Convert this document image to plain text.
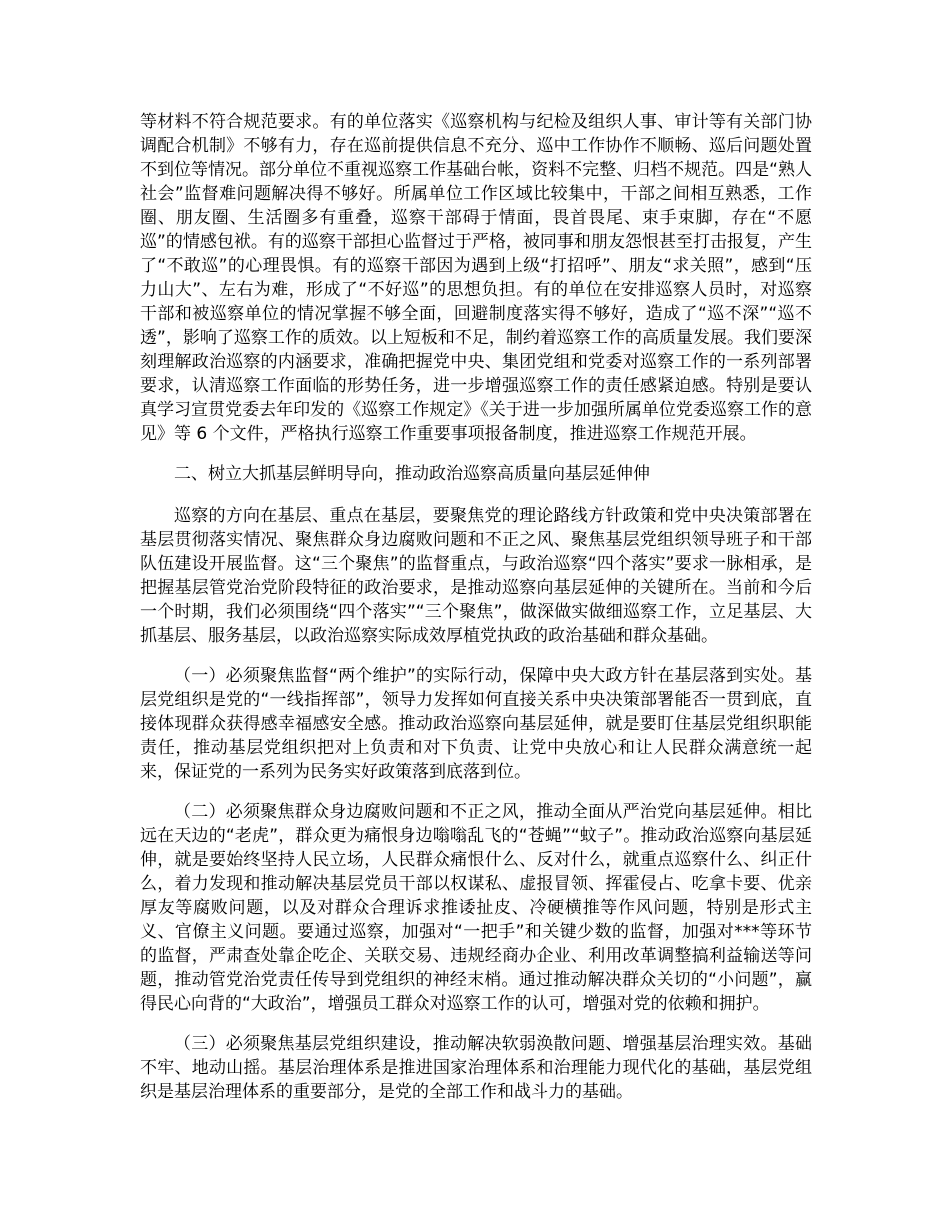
等材料不符合规范要求。有的单位落实《巡察机构与纪检及组织人事、审计等有关部门协调配合机制》不够有力，存在巡前提供信息不充分、巡中工作协作不顺畅、巡后问题处置不到位等情况。部分单位不重视巡察工作基础台帐，资料不完整、归档不规范。四是“熟人社会”监督难问题解决得不够好。所属单位工作区域比较集中，干部之间相互熟悉，工作圈、朋友圈、生活圈多有重叠，巡察干部碍于情面，畏首畏尾、束手束脚，存在“不愿巡”的情感包袱。有的巡察干部担心监督过于严格，被同事和朋友怨恨甚至打击报复，产生了“不敢巡”的心理畏惧。有的巡察干部因为遇到上级“打招呼”、朋友“求关照”，感到“压力山大”、左右为难，形成了“不好巡”的思想负担。有的单位在安排巡察人员时，对巡察干部和被巡察单位的情况掌握不够全面，回避制度落实得不够好，造成了“巡不深”“巡不透”，影响了巡察工作的质效。以上短板和不足，制约着巡察工作的高质量发展。我们要深刻理解政治巡察的内涵要求，准确把握党中央、集团党组和党委对巡察工作的一系列部署要求，认清巡察工作面临的形势任务，进一步增强巡察工作的责任感紧迫感。特别是要认真学习宣贯党委去年印发的《巡察工作规定》《关于进一步加强所属单位党委巡察工作的意见》等 6 个文件，严格执行巡察工作重要事项报备制度，推进巡察工作规范开展。

二、树立大抓基层鲜明导向，推动政治巡察高质量向基层延伸伸

巡察的方向在基层、重点在基层，要聚焦党的理论路线方针政策和党中央决策部署在基层贯彻落实情况、聚焦群众身边腐败问题和不正之风、聚焦基层党组织领导班子和干部队伍建设开展监督。这“三个聚焦”的监督重点，与政治巡察“四个落实”要求一脉相承，是把握基层管党治党阶段特征的政治要求，是推动巡察向基层延伸的关键所在。当前和今后一个时期，我们必须围绕“四个落实”“三个聚焦”，做深做实做细巡察工作，立足基层、大抓基层、服务基层，以政治巡察实际成效厚植党执政的政治基础和群众基础。

（一）必须聚焦监督“两个维护”的实际行动，保障中央大政方针在基层落到实处。基层党组织是党的“一线指挥部”，领导力发挥如何直接关系中央决策部署能否一贯到底，直接体现群众获得感幸福感安全感。推动政治巡察向基层延伸，就是要盯住基层党组织职能责任，推动基层党组织把对上负责和对下负责、让党中央放心和让人民群众满意统一起来，保证党的一系列为民务实好政策落到底落到位。

（二）必须聚焦群众身边腐败问题和不正之风，推动全面从严治党向基层延伸。相比远在天边的“老虎”，群众更为痛恨身边嗡嗡乱飞的“苍蝇”“蚊子”。推动政治巡察向基层延伸，就是要始终坚持人民立场，人民群众痛恨什么、反对什么，就重点巡察什么、纠正什么，着力发现和推动解决基层党员干部以权谋私、虚报冒领、挥霍侵占、吃拿卡要、优亲厚友等腐败问题，以及对群众合理诉求推诿扯皮、冷硬横推等作风问题，特别是形式主义、官僚主义问题。要通过巡察，加强对“一把手”和关键少数的监督，加强对***等环节的监督，严肃查处靠企吃企、关联交易、违规经商办企业、利用改革调整搞利益输送等问题，推动管党治党责任传导到党组织的神经末梢。通过推动解决群众关切的“小问题”，赢得民心向背的“大政治”，增强员工群众对巡察工作的认可，增强对党的依赖和拥护。

（三）必须聚焦基层党组织建设，推动解决软弱涣散问题、增强基层治理实效。基础不牢、地动山摇。基层治理体系是推进国家治理体系和治理能力现代化的基础，基层党组织是基层治理体系的重要部分，是党的全部工作和战斗力的基础。
